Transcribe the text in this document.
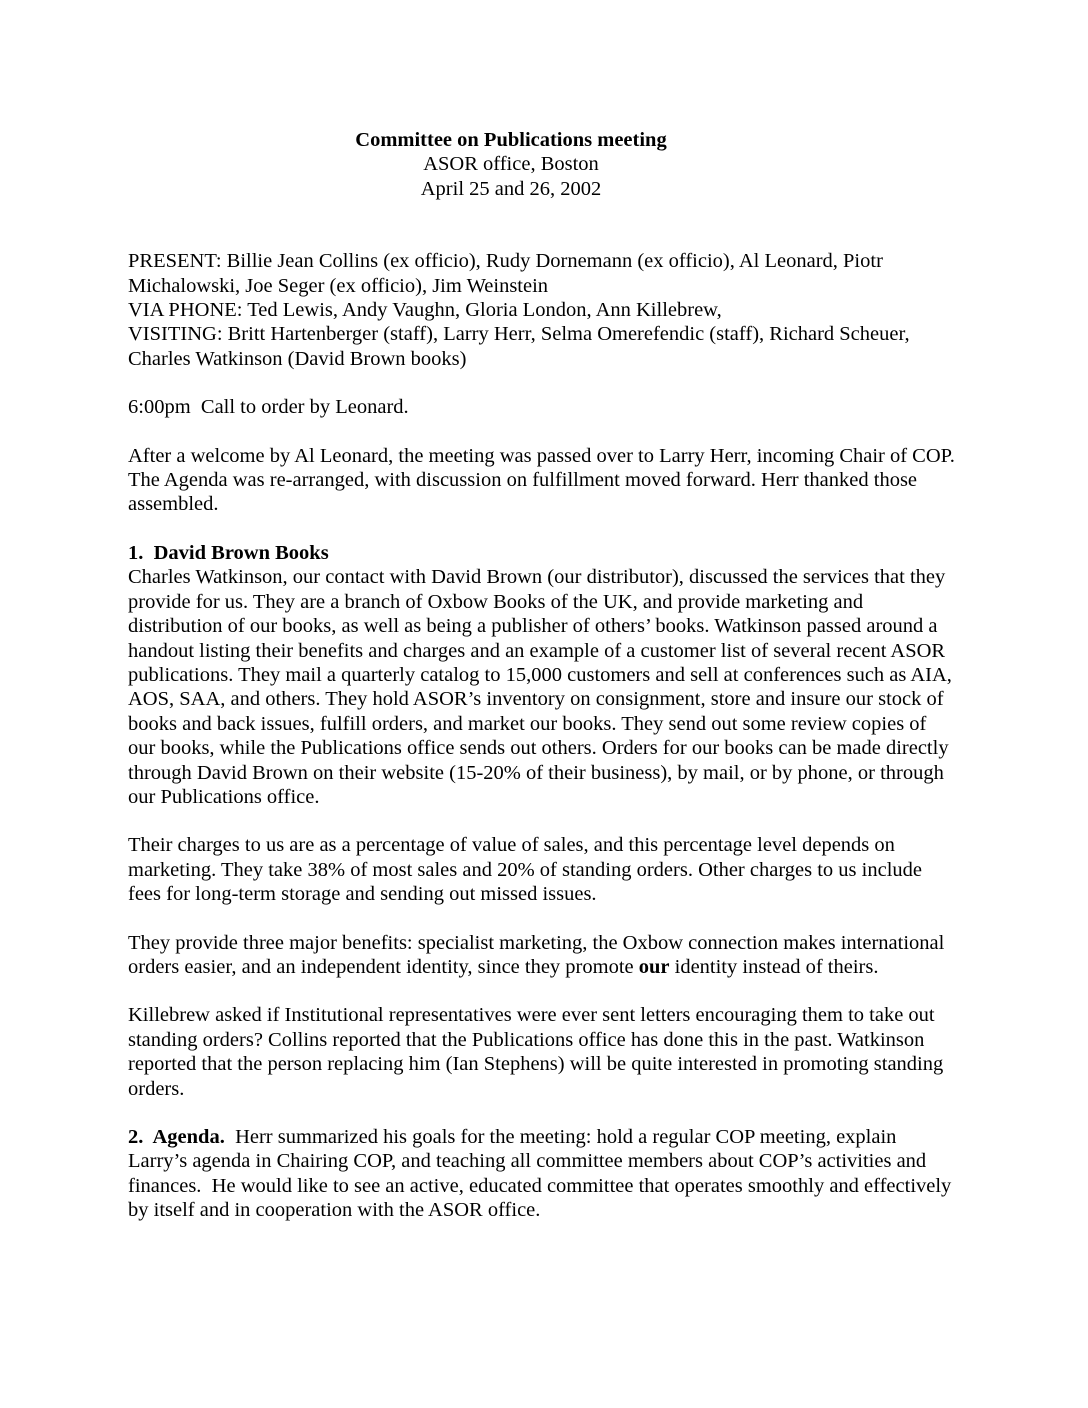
Committee on Publications meeting
ASOR office, Boston
April 25 and 26, 2002

PRESENT: Billie Jean Collins (ex officio), Rudy Dornemann (ex officio), Al Leonard, Piotr Michalowski, Joe Seger (ex officio), Jim Weinstein

VIA PHONE: Ted Lewis, Andy Vaughn, Gloria London, Ann Killebrew,

VISITING: Britt Hartenberger (staff), Larry Herr, Selma Omerefendic (staff), Richard Scheuer, Charles Watkinson (David Brown books)

6:00pm  Call to order by Leonard.

After a welcome by Al Leonard, the meeting was passed over to Larry Herr, incoming Chair of COP. The Agenda was re-arranged, with discussion on fulfillment moved forward. Herr thanked those assembled.

1.  David Brown Books

Charles Watkinson, our contact with David Brown (our distributor), discussed the services that they provide for us. They are a branch of Oxbow Books of the UK, and provide marketing and distribution of our books, as well as being a publisher of others’ books. Watkinson passed around a handout listing their benefits and charges and an example of a customer list of several recent ASOR publications. They mail a quarterly catalog to 15,000 customers and sell at conferences such as AIA, AOS, SAA, and others. They hold ASOR’s inventory on consignment, store and insure our stock of books and back issues, fulfill orders, and market our books. They send out some review copies of our books, while the Publications office sends out others. Orders for our books can be made directly through David Brown on their website (15-20% of their business), by mail, or by phone, or through our Publications office.

Their charges to us are as a percentage of value of sales, and this percentage level depends on marketing. They take 38% of most sales and 20% of standing orders. Other charges to us include fees for long-term storage and sending out missed issues.

They provide three major benefits: specialist marketing, the Oxbow connection makes international orders easier, and an independent identity, since they promote our identity instead of theirs.

Killebrew asked if Institutional representatives were ever sent letters encouraging them to take out standing orders? Collins reported that the Publications office has done this in the past. Watkinson reported that the person replacing him (Ian Stephens) will be quite interested in promoting standing orders.

2.  Agenda.  Herr summarized his goals for the meeting: hold a regular COP meeting, explain Larry’s agenda in Chairing COP, and teaching all committee members about COP’s activities and finances.  He would like to see an active, educated committee that operates smoothly and effectively by itself and in cooperation with the ASOR office.
